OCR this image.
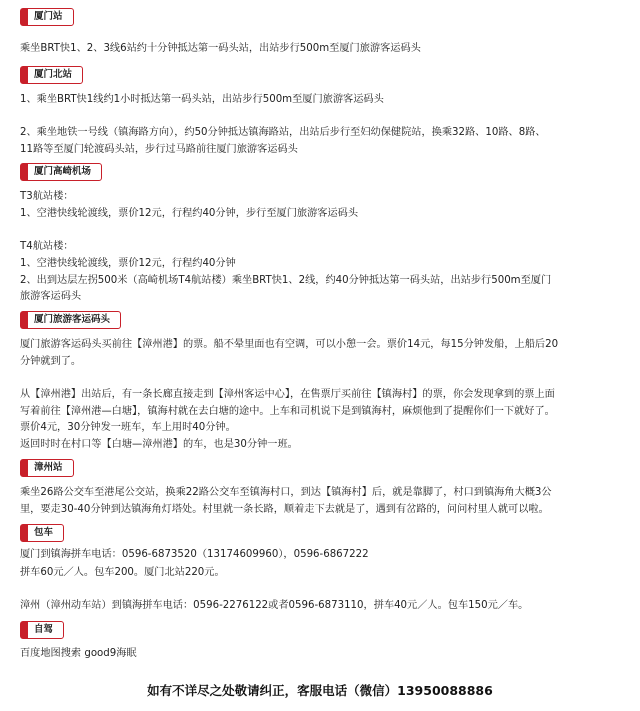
厦门站
乘坐BRT快1、2、3线6站约十分钟抵达第一码头站，出站步行500m至厦门旅游客运码头
厦门北站
1、乘坐BRT快1线约1小时抵达第一码头站，出站步行500m至厦门旅游客运码头
2、乘坐地铁一号线（镇海路方向），约50分钟抵达镇海路站，出站后步行至妇幼保健院站，换乘32路、10路、8路、
11路等至厦门轮渡码头站，步行过马路前往厦门旅游客运码头
厦门高崎机场
T3航站楼：
1、空港快线轮渡线，票价12元，行程约40分钟，步行至厦门旅游客运码头
T4航站楼：
1、空港快线轮渡线，票价12元，行程约40分钟
2、出到达层左拐500米（高崎机场T4航站楼）乘坐BRT快1、2线，约40分钟抵达第一码头站，出站步行500m至厦门
旅游客运码头
厦门旅游客运码头
厦门旅游客运码头买前往【漳州港】的票。船不晕里面也有空调，可以小憩一会。票价14元，每15分钟发船，上船后20
分钟就到了。
从【漳州港】出站后，有一条长廊直接走到【漳州客运中心】，在售票厅买前往【镇海村】的票，你会发现拿到的票上面
写着前往【漳州港—白塘】，镇海村就在去白塘的途中。上车和司机说下是到镇海村，麻烦他到了提醒你们一下就好了。
票价4元，30分钟发一班车，车上用时40分钟。
返回时时在村口等【白塘—漳州港】的车，也是30分钟一班。
漳州站
乘坐26路公交车至港尾公交站，换乘22路公交车至镇海村口，到达【镇海村】后，就是靠脚了，村口到镇海角大概3公
里，要走30-40分钟到达镇海角灯塔处。村里就一条长路，顺着走下去就是了，遇到有岔路的，问问村里人就可以啦。
包车
厦门到镇海拼车电话：0596-6873520（13174609960），0596-6867222
拼车60元／人。包车200。厦门北站220元。
漳州（漳州动车站）到镇海拼车电话：0596-2276122或者0596-6873110，拼车40元／人。包车150元／车。
自驾
百度地图搜索 good9海眠
如有不详尽之处敬请纠正，客服电话（微信）13950088886
